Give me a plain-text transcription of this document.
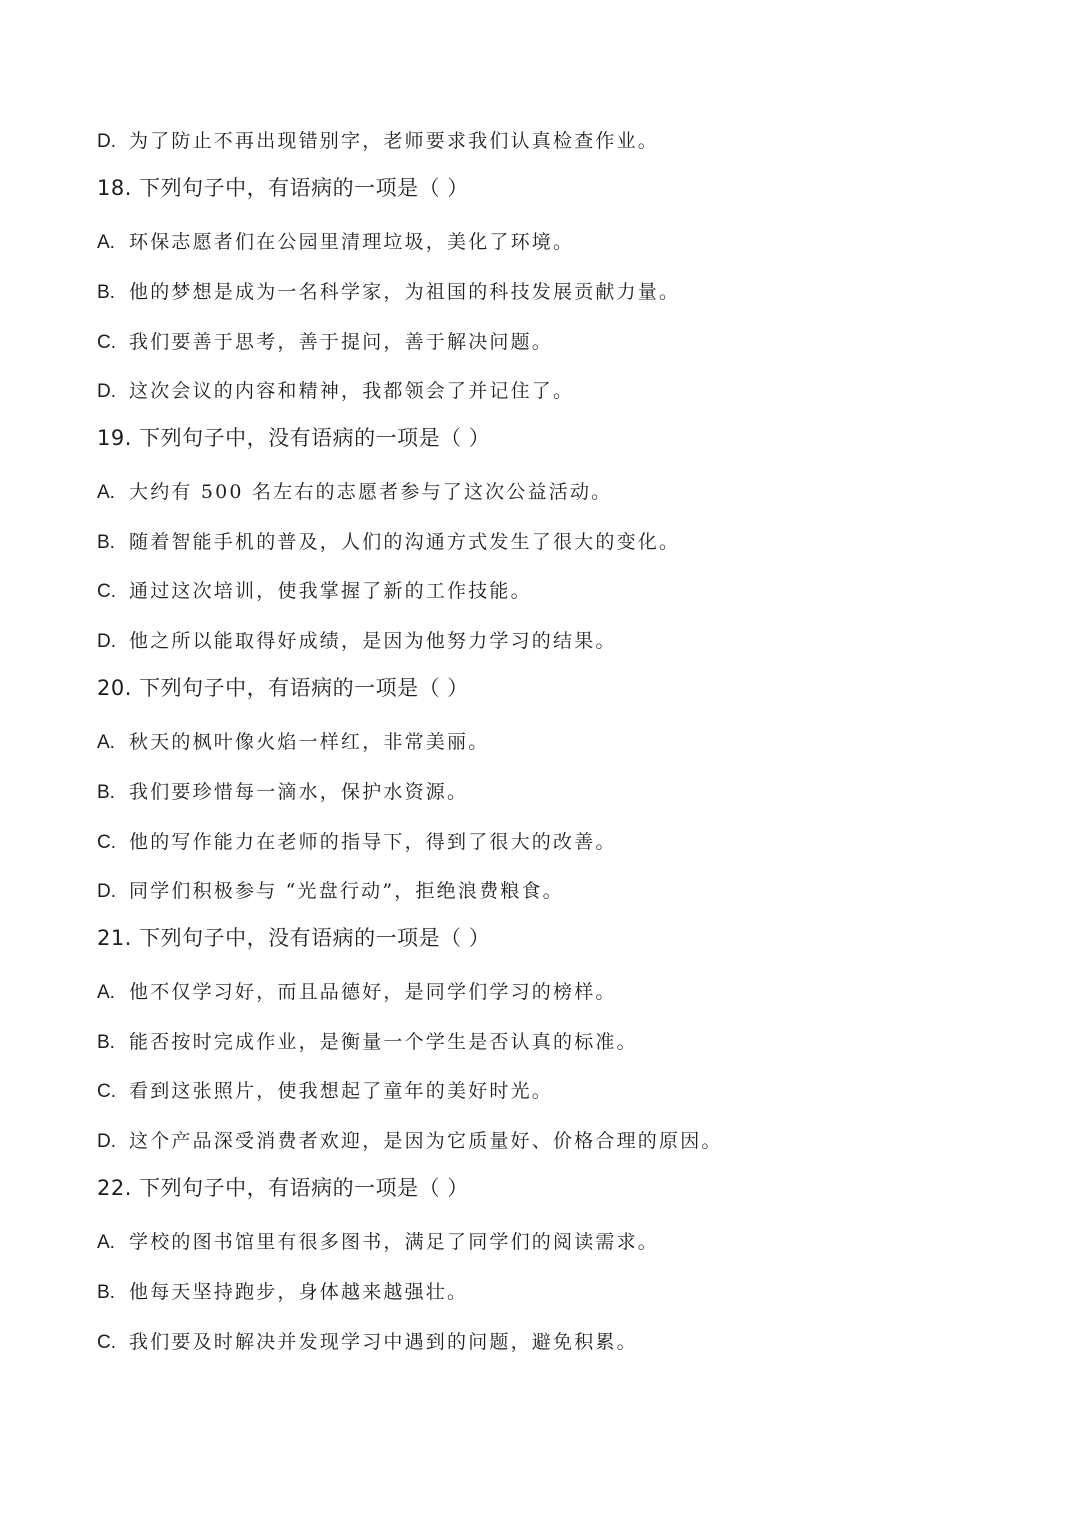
D. 为了防止不再出现错别字，老师要求我们认真检查作业。
18. 下列句子中，有语病的一项是（ ）
A. 环保志愿者们在公园里清理垃圾，美化了环境。
B. 他的梦想是成为一名科学家，为祖国的科技发展贡献力量。
C. 我们要善于思考，善于提问，善于解决问题。
D. 这次会议的内容和精神，我都领会了并记住了。
19. 下列句子中，没有语病的一项是（ ）
A. 大约有 500 名左右的志愿者参与了这次公益活动。
B. 随着智能手机的普及，人们的沟通方式发生了很大的变化。
C. 通过这次培训，使我掌握了新的工作技能。
D. 他之所以能取得好成绩，是因为他努力学习的结果。
20. 下列句子中，有语病的一项是（ ）
A. 秋天的枫叶像火焰一样红，非常美丽。
B. 我们要珍惜每一滴水，保护水资源。
C. 他的写作能力在老师的指导下，得到了很大的改善。
D. 同学们积极参与 “光盘行动”，拒绝浪费粮食。
21. 下列句子中，没有语病的一项是（ ）
A. 他不仅学习好，而且品德好，是同学们学习的榜样。
B. 能否按时完成作业，是衡量一个学生是否认真的标准。
C. 看到这张照片，使我想起了童年的美好时光。
D. 这个产品深受消费者欢迎，是因为它质量好、价格合理的原因。
22. 下列句子中，有语病的一项是（ ）
A. 学校的图书馆里有很多图书，满足了同学们的阅读需求。
B. 他每天坚持跑步，身体越来越强壮。
C. 我们要及时解决并发现学习中遇到的问题，避免积累。
